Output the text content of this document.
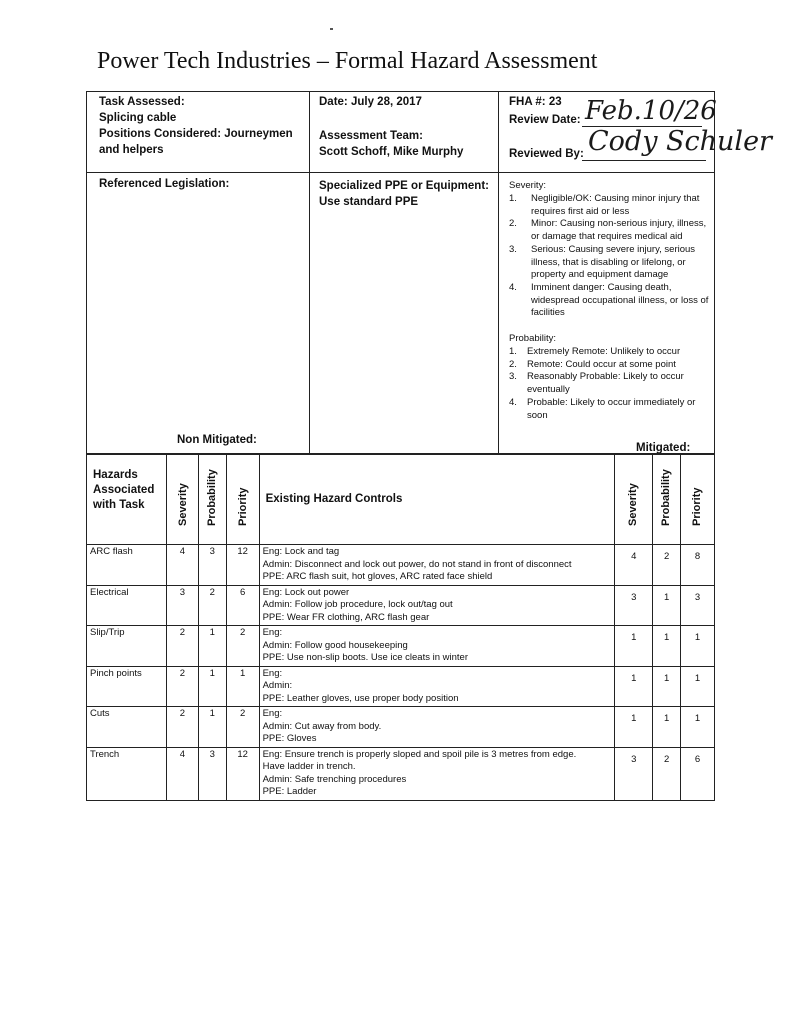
Power Tech Industries – Formal Hazard Assessment
Task Assessed:
Splicing cable
Positions Considered: Journeymen
and helpers
Date: July 28, 2017
Assessment Team:
Scott Schoff, Mike Murphy
FHA #: 23
Review Date: Feb.10/26
Reviewed By: Cody Schuler
Referenced Legislation:	Specialized PPE or Equipment:
Use standard PPE
Non Mitigated:
Mitigated:
Severity:
1. Negligible/OK: Causing minor injury that
requires first aid or less
2. Minor: Causing non-serious injury, illness,
or damage that requires medical aid
3. Serious: Causing severe injury, serious
illness, that is disabling or lifelong, or
property and equipment damage
4. Imminent danger: Causing death,
widespread occupational illness, or loss of
facilities
Probability:
1. Extremely Remote: Unlikely to occur
2. Remote: Could occur at some point
3. Reasonably Probable: Likely to occur
eventually
4. Probable: Likely to occur immediately or
soon
Hazards
Associated
with Task	Severity	Probability	Priority	Existing Hazard Controls	Severity	Probability	Priority

ARC flash	4	3	12	Eng: Lock and tag
Admin: Disconnect and lock out power, do not stand in front of disconnect
PPE: ARC flash suit, hot gloves, ARC rated face shield	4	2	8
Electrical	3	2	6	Eng: Lock out power
Admin: Follow job procedure, lock out/tag out
PPE: Wear FR clothing, ARC flash gear	3	1	3
Slip/Trip	2	1	2	Eng:
Admin: Follow good housekeeping
PPE: Use non-slip boots. Use ice cleats in winter	1	1	1
Pinch points	2	1	1	Eng:
Admin:
PPE: Leather gloves, use proper body position	1	1	1
Cuts	2	1	2	Eng:
Admin: Cut away from body.
PPE: Gloves	1	1	1
Trench	4	3	12	Eng: Ensure trench is properly sloped and spoil pile is 3 metres from edge.
Have ladder in trench.
Admin: Safe trenching procedures
PPE: Ladder	3	2	6
